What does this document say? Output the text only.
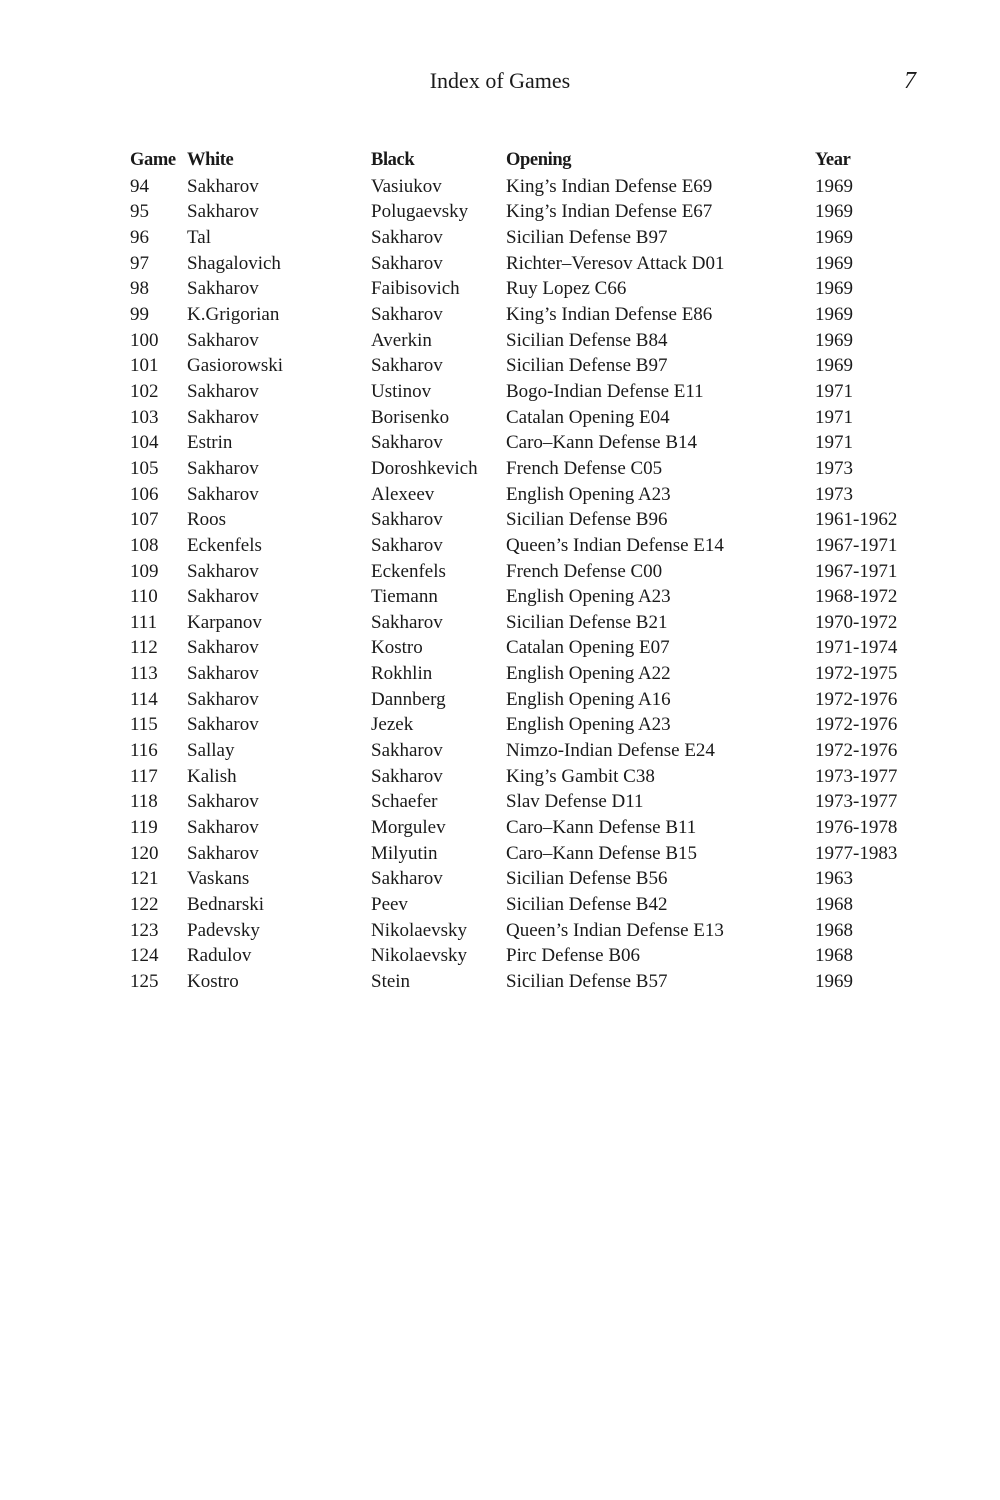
Index of Games	7
Game	White	Black	Opening	Year
94	Sakharov	Vasiukov	King’s Indian Defense E69	1969
95	Sakharov	Polugaevsky	King’s Indian Defense E67	1969
96	Tal	Sakharov	Sicilian Defense B97	1969
97	Shagalovich	Sakharov	Richter–Veresov Attack D01	1969
98	Sakharov	Faibisovich	Ruy Lopez C66	1969
99	K.Grigorian	Sakharov	King’s Indian Defense E86	1969
100	Sakharov	Averkin	Sicilian Defense B84	1969
101	Gasiorowski	Sakharov	Sicilian Defense B97	1969
102	Sakharov	Ustinov	Bogo-Indian Defense E11	1971
103	Sakharov	Borisenko	Catalan Opening E04	1971
104	Estrin	Sakharov	Caro–Kann Defense B14	1971
105	Sakharov	Doroshkevich	French Defense C05	1973
106	Sakharov	Alexeev	English Opening A23	1973
107	Roos	Sakharov	Sicilian Defense B96	1961-1962
108	Eckenfels	Sakharov	Queen’s Indian Defense E14	1967-1971
109	Sakharov	Eckenfels	French Defense C00	1967-1971
110	Sakharov	Tiemann	English Opening A23	1968-1972
111	Karpanov	Sakharov	Sicilian Defense B21	1970-1972
112	Sakharov	Kostro	Catalan Opening E07	1971-1974
113	Sakharov	Rokhlin	English Opening A22	1972-1975
114	Sakharov	Dannberg	English Opening A16	1972-1976
115	Sakharov	Jezek	English Opening A23	1972-1976
116	Sallay	Sakharov	Nimzo-Indian Defense E24	1972-1976
117	Kalish	Sakharov	King’s Gambit C38	1973-1977
118	Sakharov	Schaefer	Slav Defense D11	1973-1977
119	Sakharov	Morgulev	Caro–Kann Defense B11	1976-1978
120	Sakharov	Milyutin	Caro–Kann Defense B15	1977-1983
121	Vaskans	Sakharov	Sicilian Defense B56	1963
122	Bednarski	Peev	Sicilian Defense B42	1968
123	Padevsky	Nikolaevsky	Queen’s Indian Defense E13	1968
124	Radulov	Nikolaevsky	Pirc Defense B06	1968
125	Kostro	Stein	Sicilian Defense B57	1969
